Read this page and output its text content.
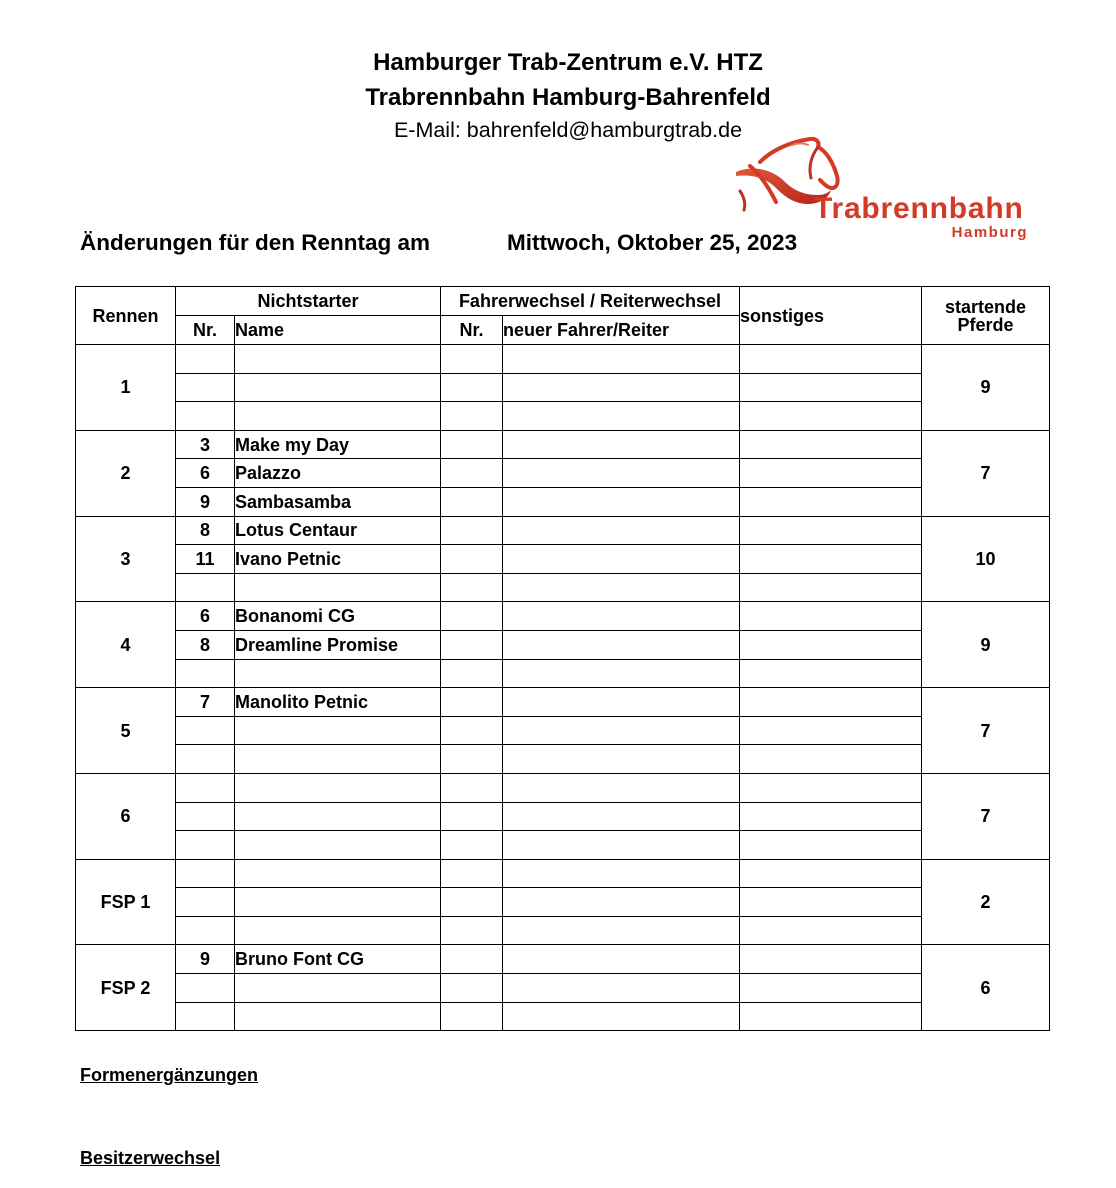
Hamburger Trab-Zentrum e.V. HTZ
Trabrennbahn Hamburg-Bahrenfeld
E-Mail: bahrenfeld@hamburgtrab.de
Trabrennbahn
Hamburg
Änderungen für den Renntag am	Mittwoch, Oktober 25, 2023
Rennen	Nichtstarter		Fahrerwechsel / Reiterwechsel		sonstiges	startende
Pferde

	Nr.	Name	Nr.	neuer Fahrer/Reiter		
1						9

2	3	Make my Day				7
	6	Palazzo				
	9	Sambasamba				
3	8	Lotus Centaur				10
	11	Ivano Petnic				

4	6	Bonanomi CG				9
	8	Dreamline Promise				

5	7	Manolito Petnic				7

6						7

FSP 1						2

FSP 2	9	Bruno Font CG				6

Formenergänzungen
Besitzerwechsel
